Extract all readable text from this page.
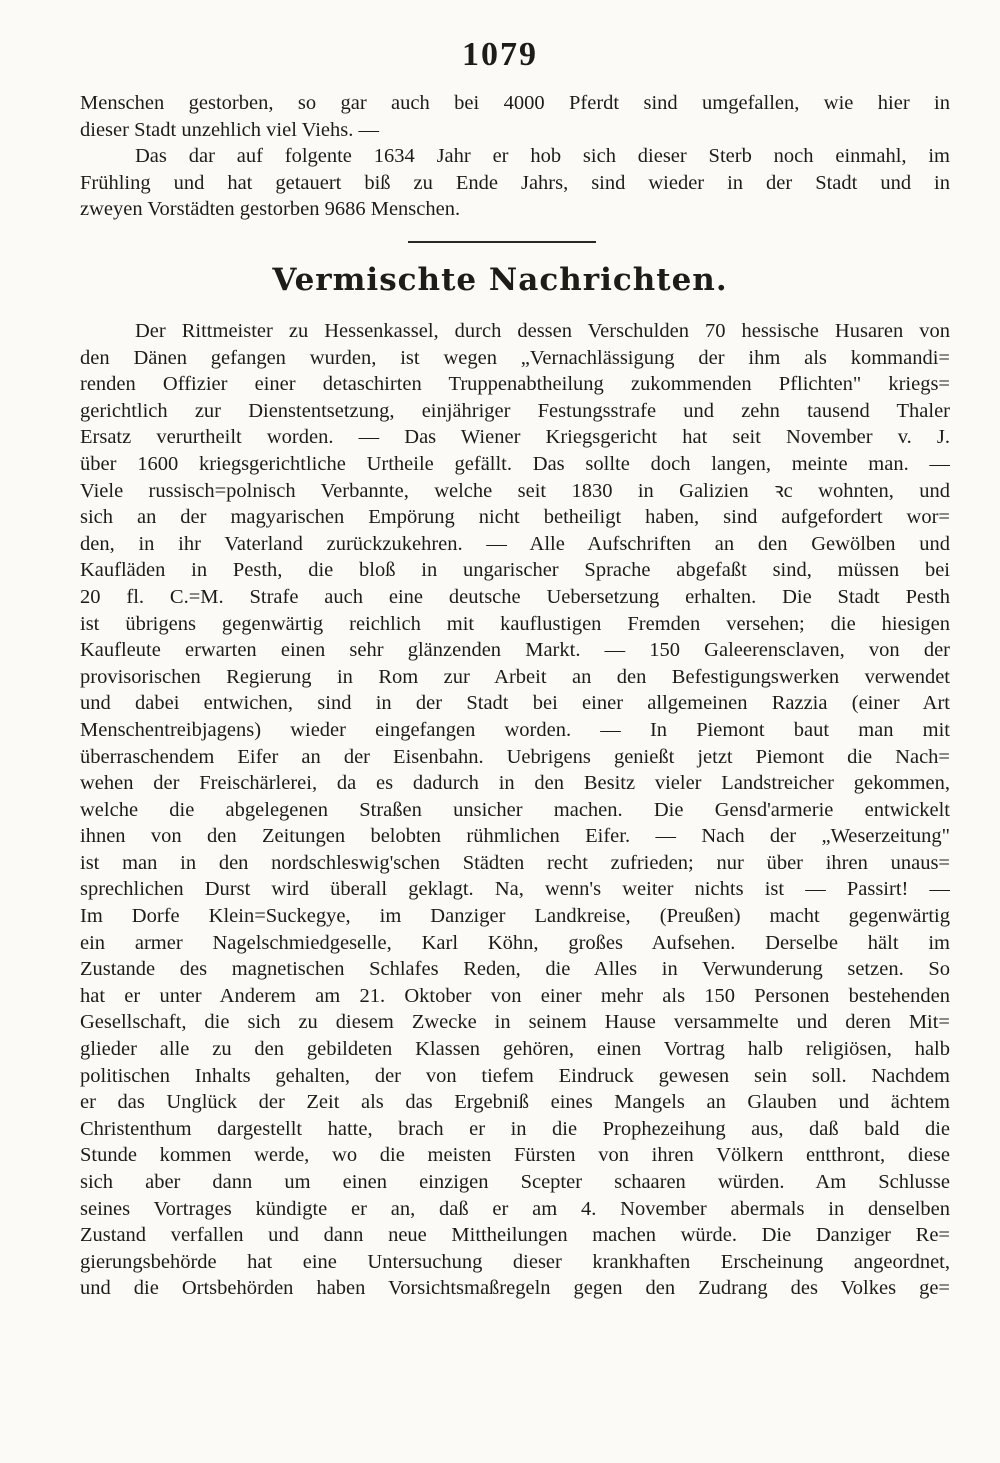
1079
Menschen gestorben, so gar auch bei 4000 Pferdt sind umgefallen, wie hier in
dieser Stadt unzehlich viel Viehs. —
Das dar auf folgente 1634 Jahr er hob sich dieser Sterb noch einmahl, im
Frühling und hat getauert biß zu Ende Jahrs, sind wieder in der Stadt und in
zweyen Vorstädten gestorben 9686 Menschen.
Vermischte Nachrichten.
Der Rittmeister zu Hessenkassel, durch dessen Verschulden 70 hessische Husaren von
den Dänen gefangen wurden, ist wegen „Vernachlässigung der ihm als kommandi=
renden Offizier einer detaschirten Truppenabtheilung zukommenden Pflichten" kriegs=
gerichtlich zur Dienstentsetzung, einjähriger Festungsstrafe und zehn tausend Thaler
Ersatz verurtheilt worden. — Das Wiener Kriegsgericht hat seit November v. J.
über 1600 kriegsgerichtliche Urtheile gefällt. Das sollte doch langen, meinte man. —
Viele russisch=polnisch Verbannte, welche seit 1830 in Galizien ꝛc wohnten, und
sich an der magyarischen Empörung nicht betheiligt haben, sind aufgefordert wor=
den, in ihr Vaterland zurückzukehren. — Alle Aufschriften an den Gewölben und
Kaufläden in Pesth, die bloß in ungarischer Sprache abgefaßt sind, müssen bei
20 fl. C.=M. Strafe auch eine deutsche Uebersetzung erhalten. Die Stadt Pesth
ist übrigens gegenwärtig reichlich mit kauflustigen Fremden versehen; die hiesigen
Kaufleute erwarten einen sehr glänzenden Markt. — 150 Galeerensclaven, von der
provisorischen Regierung in Rom zur Arbeit an den Befestigungswerken verwendet
und dabei entwichen, sind in der Stadt bei einer allgemeinen Razzia (einer Art
Menschentreibjagens) wieder eingefangen worden. — In Piemont baut man mit
überraschendem Eifer an der Eisenbahn. Uebrigens genießt jetzt Piemont die Nach=
wehen der Freischärlerei, da es dadurch in den Besitz vieler Landstreicher gekommen,
welche die abgelegenen Straßen unsicher machen. Die Gensd'armerie entwickelt
ihnen von den Zeitungen belobten rühmlichen Eifer. — Nach der „Weserzeitung"
ist man in den nordschleswig'schen Städten recht zufrieden; nur über ihren unaus=
sprechlichen Durst wird überall geklagt. Na, wenn's weiter nichts ist — Passirt! —
Im Dorfe Klein=Suckegye, im Danziger Landkreise, (Preußen) macht gegenwärtig
ein armer Nagelschmiedgeselle, Karl Köhn, großes Aufsehen. Derselbe hält im
Zustande des magnetischen Schlafes Reden, die Alles in Verwunderung setzen. So
hat er unter Anderem am 21. Oktober von einer mehr als 150 Personen bestehenden
Gesellschaft, die sich zu diesem Zwecke in seinem Hause versammelte und deren Mit=
glieder alle zu den gebildeten Klassen gehören, einen Vortrag halb religiösen, halb
politischen Inhalts gehalten, der von tiefem Eindruck gewesen sein soll. Nachdem
er das Unglück der Zeit als das Ergebniß eines Mangels an Glauben und ächtem
Christenthum dargestellt hatte, brach er in die Prophezeihung aus, daß bald die
Stunde kommen werde, wo die meisten Fürsten von ihren Völkern entthront, diese
sich aber dann um einen einzigen Scepter schaaren würden. Am Schlusse
seines Vortrages kündigte er an, daß er am 4. November abermals in denselben
Zustand verfallen und dann neue Mittheilungen machen würde. Die Danziger Re=
gierungsbehörde hat eine Untersuchung dieser krankhaften Erscheinung angeordnet,
und die Ortsbehörden haben Vorsichtsmaßregeln gegen den Zudrang des Volkes ge=
